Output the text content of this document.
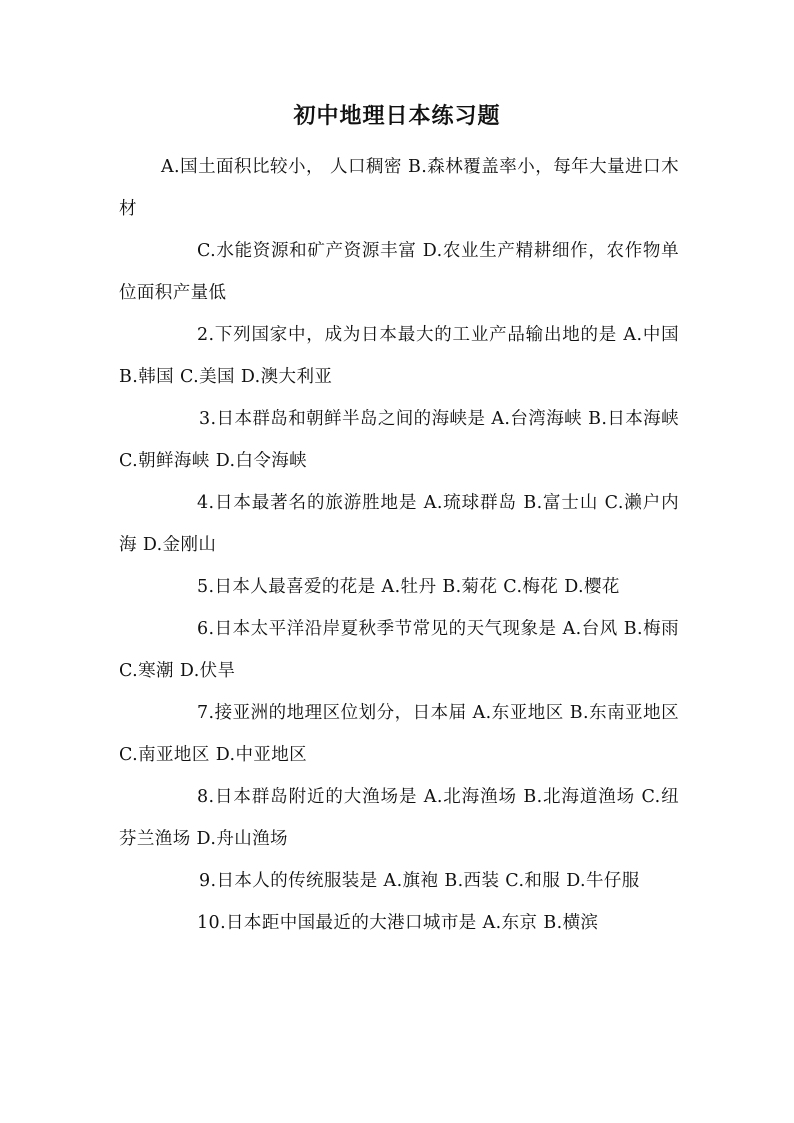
初中地理日本练习题

A.国土面积比较小， 人口稠密 B.森林覆盖率小，每年大量进口木材

C.水能资源和矿产资源丰富 D.农业生产精耕细作，农作物单位面积产量低

2.下列国家中，成为日本最大的工业产品输出地的是 A.中国 B.韩国 C.美国 D.澳大利亚

3.日本群岛和朝鲜半岛之间的海峡是 A.台湾海峡 B.日本海峡 C.朝鲜海峡 D.白令海峡

4.日本最著名的旅游胜地是 A.琉球群岛 B.富士山 C.濑户内海 D.金刚山

5.日本人最喜爱的花是 A.牡丹 B.菊花 C.梅花 D.樱花

6.日本太平洋沿岸夏秋季节常见的天气现象是 A.台风 B.梅雨 C.寒潮 D.伏旱

7.接亚洲的地理区位划分，日本届 A.东亚地区 B.东南亚地区 C.南亚地区 D.中亚地区

8.日本群岛附近的大渔场是 A.北海渔场 B.北海道渔场 C.纽芬兰渔场 D.舟山渔场

9.日本人的传统服装是 A.旗袍 B.西装 C.和服 D.牛仔服

10.日本距中国最近的大港口城市是 A.东京 B.横滨
